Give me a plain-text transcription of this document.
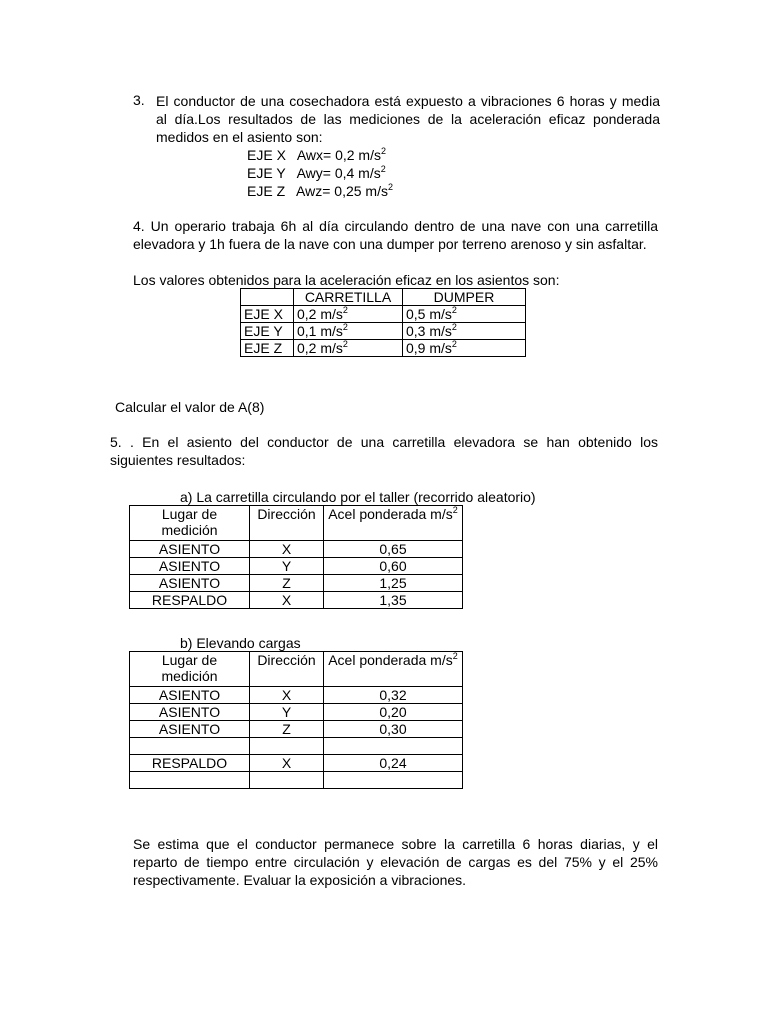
3. El conductor de una cosechadora está expuesto a vibraciones 6 horas y media al día.Los resultados de las mediciones de la aceleración eficaz ponderada medidos en el asiento son:
EJE X Awx= 0,2 $m/s^2$
EJE Y Awy= 0,4 $m/s^2$
EJE Z Awz= 0,25 $m/s^2$
4. Un operario trabaja 6h al día circulando dentro de una nave con una carretilla elevadora y 1h fuera de la nave con una dumper por terreno arenoso y sin asfaltar.
Los valores obtenidos para la aceleración eficaz en los asientos son:
	CARRETILLA	DUMPER
EJE X	0,2 $m/s^2$	0,5 $m/s^2$
EJE Y	0,1 $m/s^2$	0,3 $m/s^2$
EJE Z	0,2 $m/s^2$	0,9 $m/s^2$
Calcular el valor de A(8)
5. . En el asiento del conductor de una carretilla elevadora se han obtenido los siguientes resultados:
a) La carretilla circulando por el taller (recorrido aleatorio)
Lugar de medición	Dirección	Acel ponderada $m/s^2$
ASIENTO	X	0,65
ASIENTO	Y	0,60
ASIENTO	Z	1,25
RESPALDO	X	1,35
b) Elevando cargas
Lugar de medición	Dirección	Acel ponderada $m/s^2$
ASIENTO	X	0,32
ASIENTO	Y	0,20
ASIENTO	Z	0,30

RESPALDO	X	0,24

Se estima que el conductor permanece sobre la carretilla 6 horas diarias, y el reparto de tiempo entre circulación y elevación de cargas es del 75% y el 25% respectivamente. Evaluar la exposición a vibraciones.
